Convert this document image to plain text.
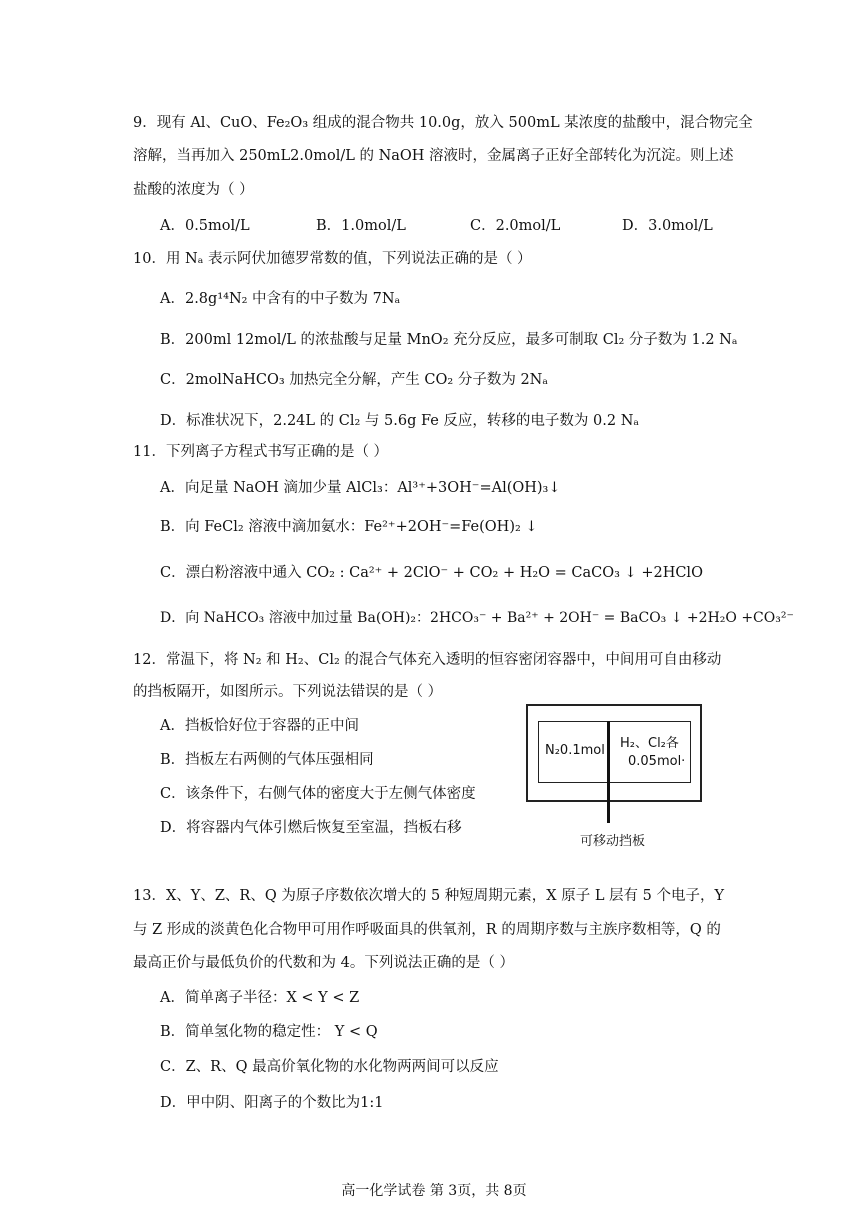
9．现有 Al、CuO、Fe₂O₃ 组成的混合物共 10.0g，放入 500mL 某浓度的盐酸中，混合物完全
溶解，当再加入 250mL2.0mol/L 的 NaOH 溶液时，金属离子正好全部转化为沉淀。则上述
盐酸的浓度为（ ）
A．0.5mol/L	B．1.0mol/L	C．2.0mol/L	D．3.0mol/L
10．用 Nₐ 表示阿伏加德罗常数的值，下列说法正确的是（ ）
A．2.8g¹⁴N₂ 中含有的中子数为 7Nₐ
B．200ml 12mol/L 的浓盐酸与足量 MnO₂ 充分反应，最多可制取 Cl₂ 分子数为 1.2 Nₐ
C．2molNaHCO₃ 加热完全分解，产生 CO₂ 分子数为 2Nₐ
D．标准状况下，2.24L 的 Cl₂ 与 5.6g Fe 反应，转移的电子数为 0.2 Nₐ
11．下列离子方程式书写正确的是（ ）
A．向足量 NaOH 滴加少量 AlCl₃：Al³⁺+3OH⁻=Al(OH)₃↓
B．向 FeCl₂ 溶液中滴加氨水：Fe²⁺+2OH⁻=Fe(OH)₂ ↓
C．漂白粉溶液中通入 CO₂ : Ca²⁺ + 2ClO⁻ + CO₂ + H₂O = CaCO₃ ↓ +2HClO
D．向 NaHCO₃ 溶液中加过量 Ba(OH)₂：2HCO₃⁻ + Ba²⁺ + 2OH⁻ = BaCO₃ ↓ +2H₂O +CO₃²⁻
12．常温下，将 N₂ 和 H₂、Cl₂ 的混合气体充入透明的恒容密闭容器中，中间用可自由移动
的挡板隔开，如图所示。下列说法错误的是（ ）
A．挡板恰好位于容器的正中间
B．挡板左右两侧的气体压强相同
C．该条件下，右侧气体的密度大于左侧气体密度
D．将容器内气体引燃后恢复至室温，挡板右移
N₂0.1mol H₂、Cl₂各
0.05mol·
可移动挡板
13．X、Y、Z、R、Q 为原子序数依次增大的 5 种短周期元素，X 原子 L 层有 5 个电子，Y
与 Z 形成的淡黄色化合物甲可用作呼吸面具的供氧剂，R 的周期序数与主族序数相等，Q 的
最高正价与最低负价的代数和为 4。下列说法正确的是（ ）
A．简单离子半径：X < Y < Z
B．简单氢化物的稳定性： Y < Q
C．Z、R、Q 最高价氧化物的水化物两两间可以反应
D．甲中阴、阳离子的个数比为1:1
高一化学试卷 第 3页，共 8页
